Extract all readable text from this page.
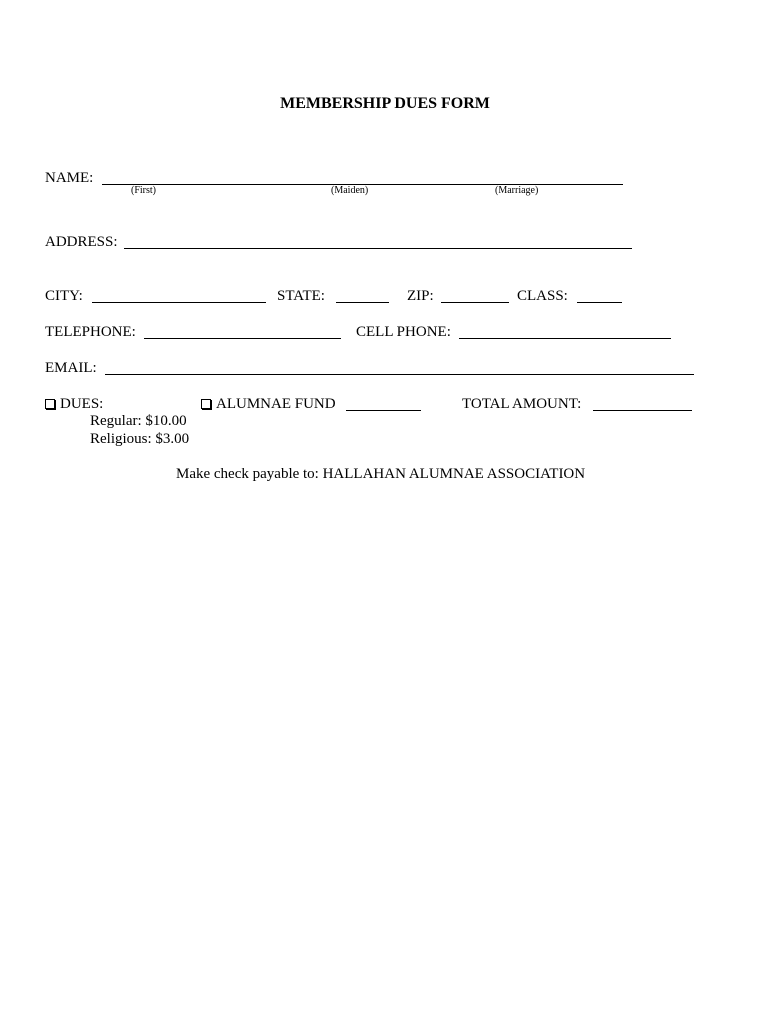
MEMBERSHIP DUES FORM
NAME:
(First)	(Maiden)	(Marriage)
ADDRESS:
CITY:	STATE:	ZIP:	CLASS:
TELEPHONE:	CELL PHONE:
EMAIL:
DUES:	ALUMNAE FUND	TOTAL AMOUNT:
Regular: $10.00
Religious: $3.00
Make check payable to: HALLAHAN ALUMNAE ASSOCIATION
